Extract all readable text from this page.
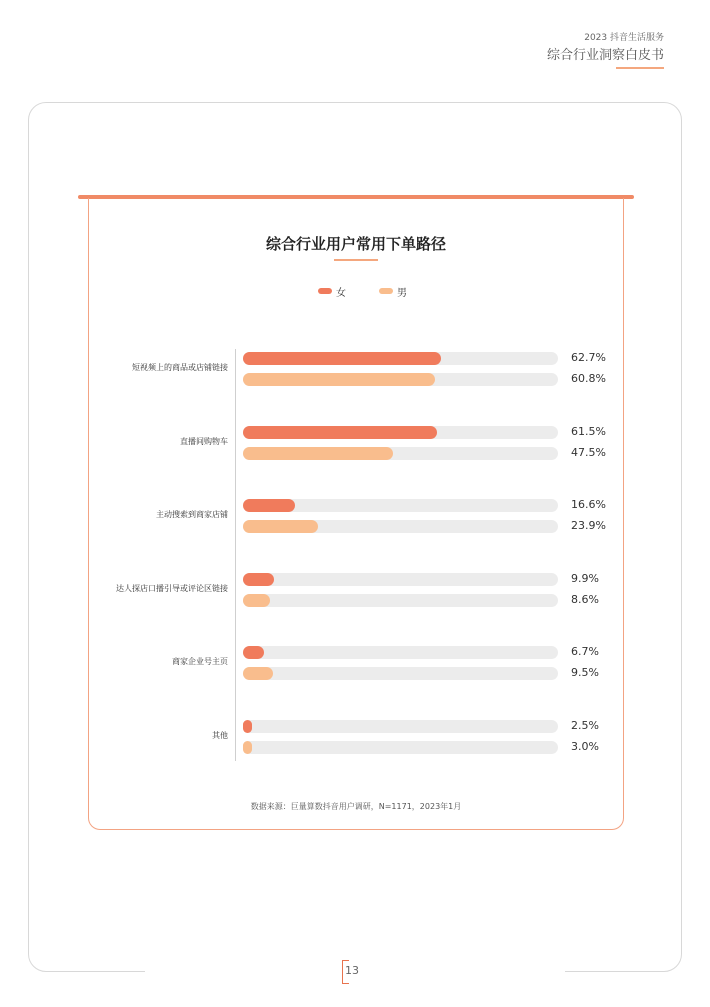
2023 抖音生活服务
综合行业洞察白皮书
13
综合行业用户常用下单路径
女	男
短视频上的商品或店铺链接
62.7%
60.8%
直播间购物车
61.5%
47.5%
主动搜索到商家店铺
16.6%
23.9%
达人探店口播引导或评论区链接
9.9%
8.6%
商家企业号主页
6.7%
9.5%
其他
2.5%
3.0%
数据来源：巨量算数抖音用户调研，N=1171，2023年1月
